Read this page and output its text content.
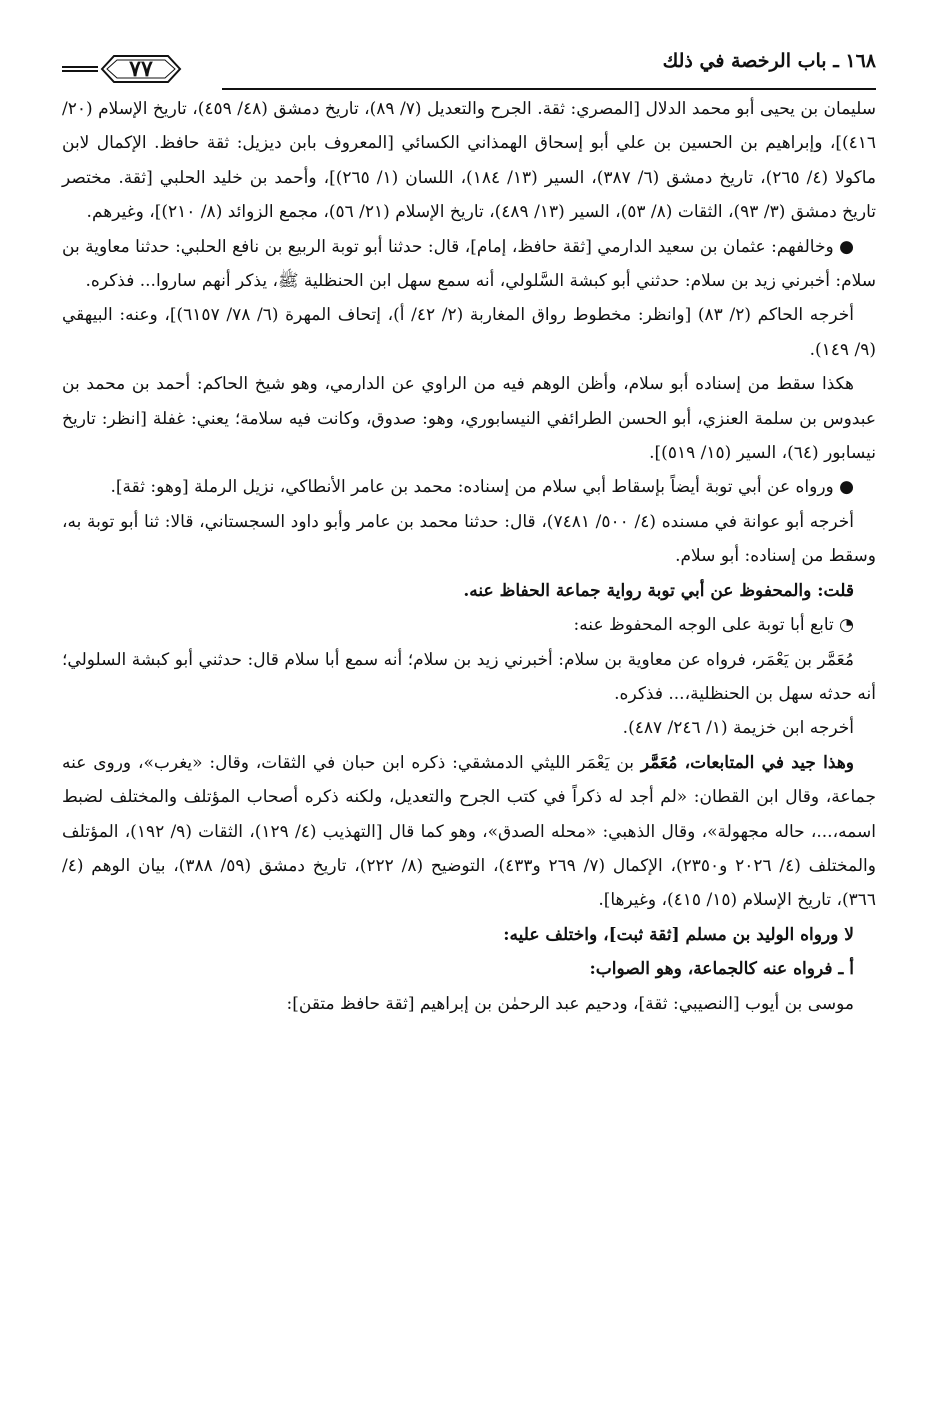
١٦٨ ـ باب الرخصة في ذلك
٧٧

سليمان بن يحيى أبو محمد الدلال [المصري: ثقة. الجرح والتعديل (٧/ ٨٩)، تاريخ دمشق (٤٨/ ٤٥٩)، تاريخ الإسلام (٢٠/ ٤١٦)]، وإبراهيم بن الحسين بن علي أبو إسحاق الهمذاني الكسائي [المعروف بابن ديزيل: ثقة حافظ. الإكمال لابن ماكولا (٤/ ٢٦٥)، تاريخ دمشق (٦/ ٣٨٧)، السير (١٣/ ١٨٤)، اللسان (١/ ٢٦٥)]، وأحمد بن خليد الحلبي [ثقة. مختصر تاريخ دمشق (٣/ ٩٣)، الثقات (٨/ ٥٣)، السير (١٣/ ٤٨٩)، تاريخ الإسلام (٢١/ ٥٦)، مجمع الزوائد (٨/ ٢١٠)]، وغيرهم.

● وخالفهم: عثمان بن سعيد الدارمي [ثقة حافظ، إمام]، قال: حدثنا أبو توبة الربيع بن نافع الحلبي: حدثنا معاوية بن سلام: أخبرني زيد بن سلام: حدثني أبو كبشة السَّلولي، أنه سمع سهل ابن الحنظلية ﷺ، يذكر أنهم ساروا... فذكره.

أخرجه الحاكم (٢/ ٨٣) [وانظر: مخطوط رواق المغاربة (٢/ ٤٢/ أ)، إتحاف المهرة (٦/ ٧٨/ ٦١٥٧)]، وعنه: البيهقي (٩/ ١٤٩).

هكذا سقط من إسناده أبو سلام، وأظن الوهم فيه من الراوي عن الدارمي، وهو شيخ الحاكم: أحمد بن محمد بن عبدوس بن سلمة العنزي، أبو الحسن الطرائفي النيسابوري، وهو: صدوق، وكانت فيه سلامة؛ يعني: غفلة [انظر: تاريخ نيسابور (٦٤)، السير (١٥/ ٥١٩)].

● ورواه عن أبي توبة أيضاً بإسقاط أبي سلام من إسناده: محمد بن عامر الأنطاكي، نزيل الرملة [وهو: ثقة].

أخرجه أبو عوانة في مسنده (٤/ ٥٠٠/ ٧٤٨١)، قال: حدثنا محمد بن عامر وأبو داود السجستاني، قالا: ثنا أبو توبة به، وسقط من إسناده: أبو سلام.

قلت: والمحفوظ عن أبي توبة رواية جماعة الحفاظ عنه.

◔ تابع أبا توبة على الوجه المحفوظ عنه:

مُعَمَّر بن يَعْمَر، فرواه عن معاوية بن سلام: أخبرني زيد بن سلام؛ أنه سمع أبا سلام قال: حدثني أبو كبشة السلولي؛ أنه حدثه سهل بن الحنظلية،... فذكره.

أخرجه ابن خزيمة (١/ ٢٤٦/ ٤٨٧).

وهذا جيد في المتابعات، مُعَمَّر بن يَعْمَر الليثي الدمشقي: ذكره ابن حبان في الثقات، وقال: «يغرب»، وروى عنه جماعة، وقال ابن القطان: «لم أجد له ذكراً في كتب الجرح والتعديل، ولكنه ذكره أصحاب المؤتلف والمختلف لضبط اسمه،...، حاله مجهولة»، وقال الذهبي: «محله الصدق»، وهو كما قال [التهذيب (٤/ ١٢٩)، الثقات (٩/ ١٩٢)، المؤتلف والمختلف (٤/ ٢٠٢٦ و٢٣٥٠)، الإكمال (٧/ ٢٦٩ و٤٣٣)، التوضيح (٨/ ٢٢٢)، تاريخ دمشق (٥٩/ ٣٨٨)، بيان الوهم (٤/ ٣٦٦)، تاريخ الإسلام (١٥/ ٤١٥)، وغيرها].

ﻻ ورواه الوليد بن مسلم [ثقة ثبت]، واختلف عليه:

أ ـ فرواه عنه كالجماعة، وهو الصواب:

موسى بن أيوب [النصيبي: ثقة]، ودحيم عبد الرحمٰن بن إبراهيم [ثقة حافظ متقن]:
